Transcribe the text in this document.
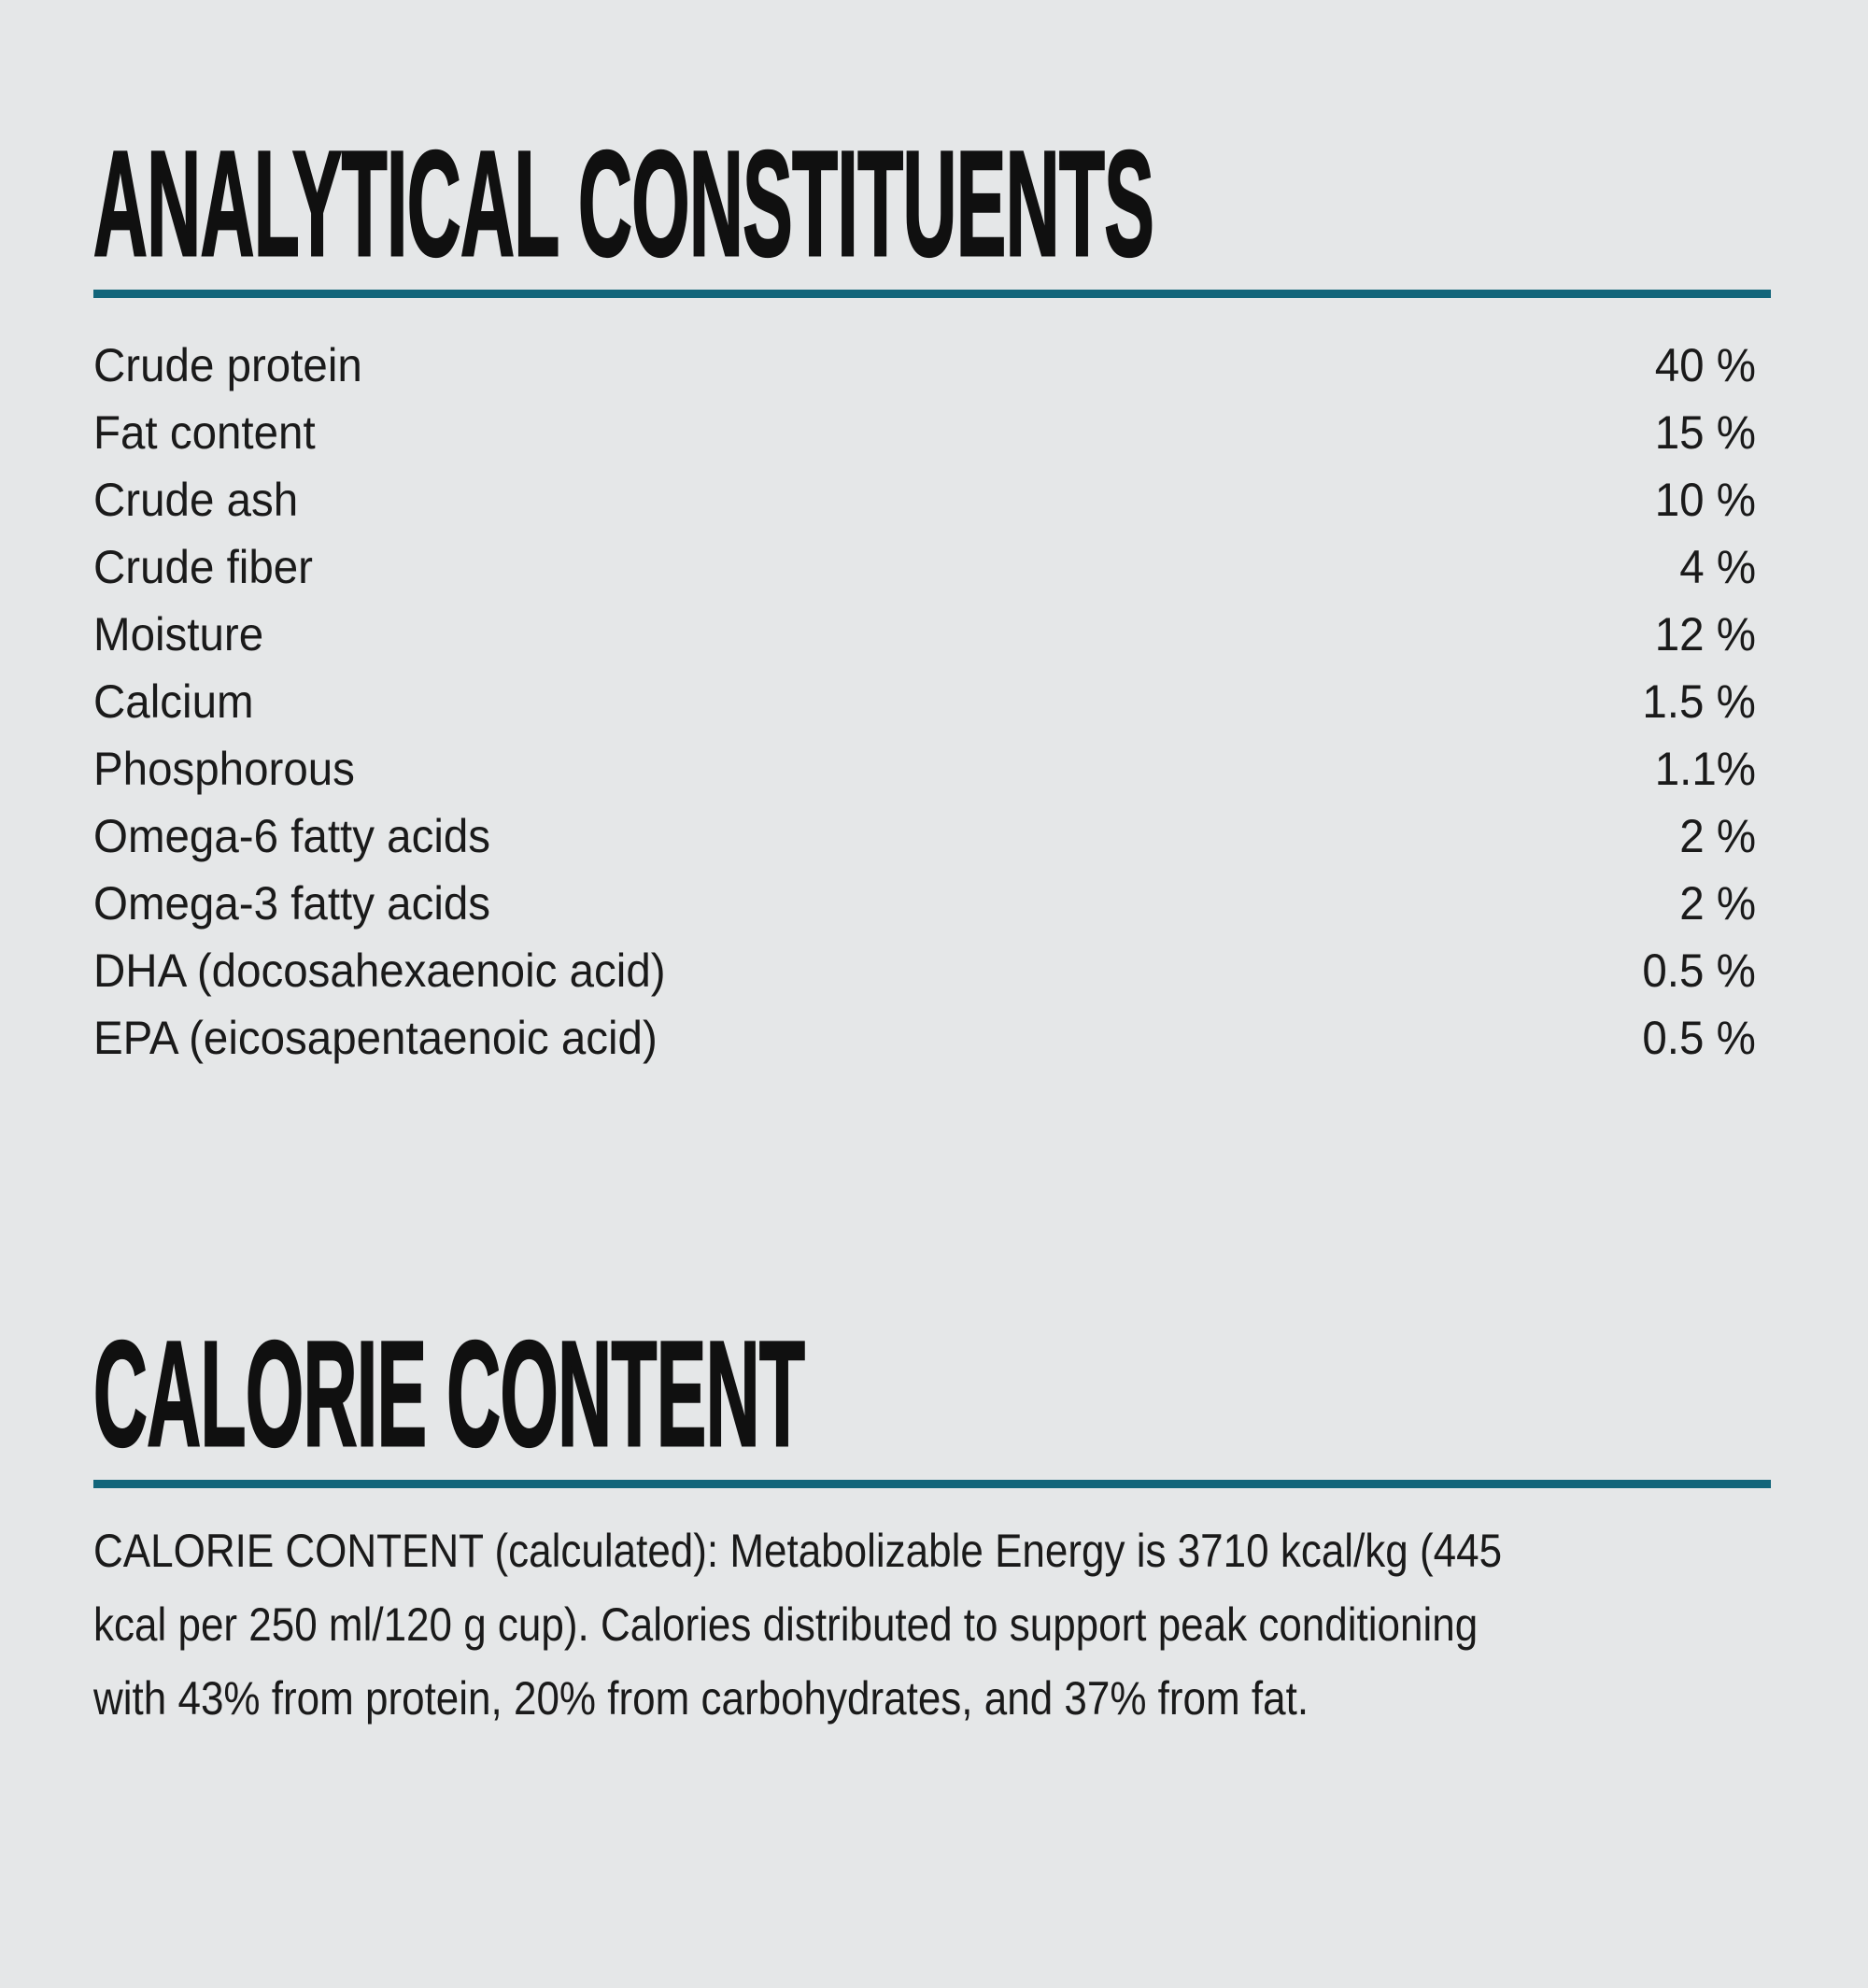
ANALYTICAL CONSTITUENTS
Crude protein	40 %
Fat content	15 %
Crude ash	10 %
Crude fiber	4 %
Moisture	12 %
Calcium	1.5 %
Phosphorous	1.1%
Omega-6 fatty acids	2 %
Omega-3 fatty acids	2 %
DHA (docosahexaenoic acid)	0.5 %
EPA (eicosapentaenoic acid)	0.5 %
CALORIE CONTENT
CALORIE CONTENT (calculated): Metabolizable Energy is 3710 kcal/kg (445
kcal per 250 ml/120 g cup). Calories distributed to support peak conditioning
with 43% from protein, 20% from carbohydrates, and 37% from fat.
